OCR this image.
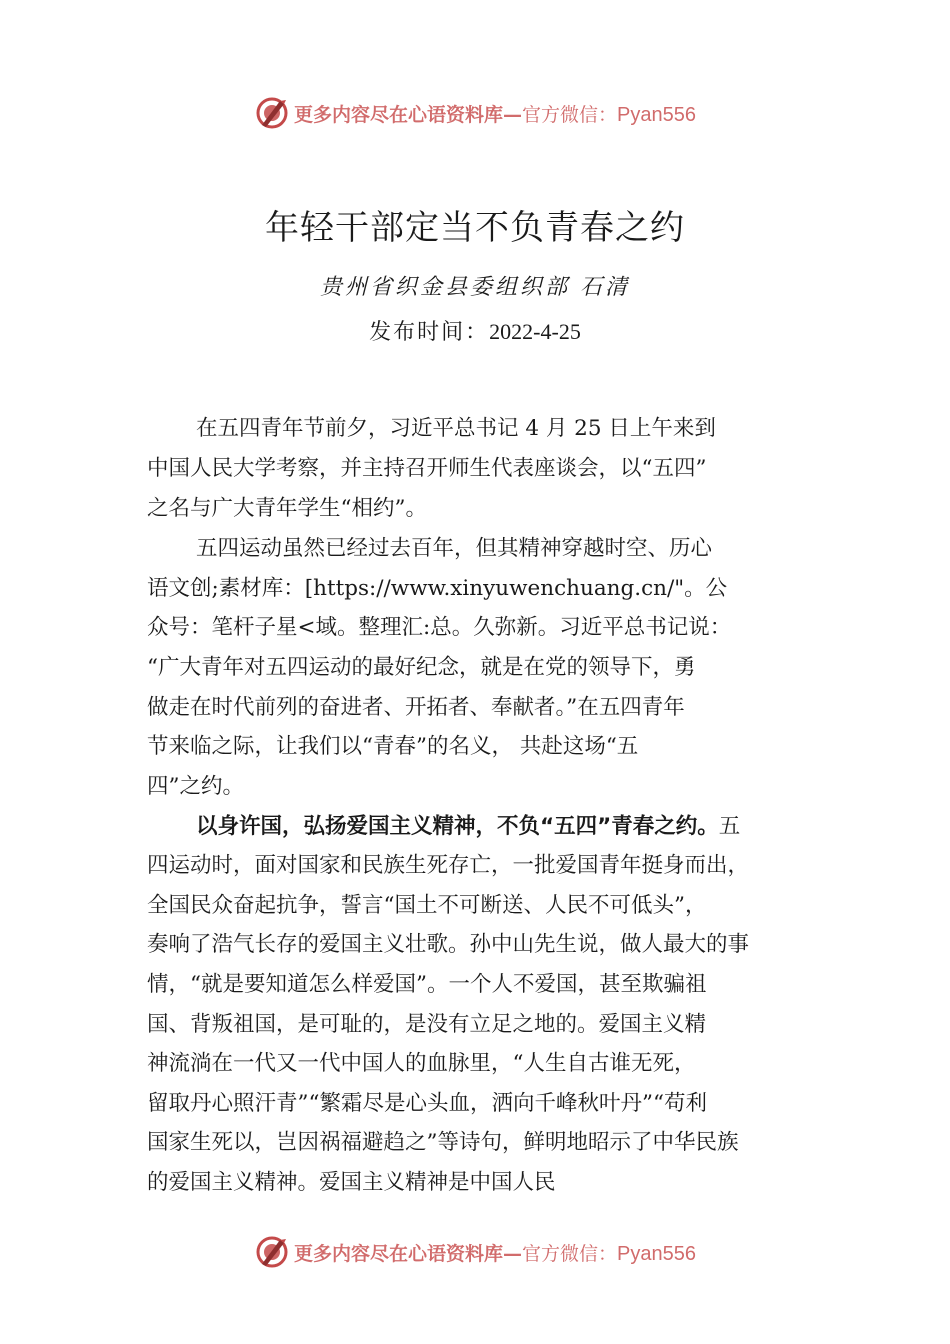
更多内容尽在心语资料库—官方微信：Pyan556
年轻干部定当不负青春之约
贵州省织金县委组织部 石清
发布时间：2022-4-25
在五四青年节前夕，习近平总书记 4 月 25 日上午来到
中国人民大学考察，并主持召开师生代表座谈会，以“五四”
之名与广大青年学生“相约”。
五四运动虽然已经过去百年，但其精神穿越时空、历心
语文创;素材库：[https://www.xinyuwenchuang.cn/"。公
众号：笔杆子星<域。整理汇:总。久弥新。习近平总书记说：
“广大青年对五四运动的最好纪念，就是在党的领导下，勇
做走在时代前列的奋进者、开拓者、奉献者。”在五四青年
节来临之际，让我们以“青春”的名义， 共赴这场“五
四”之约。
以身许国，弘扬爱国主义精神，不负“五四”青春之约。五
四运动时，面对国家和民族生死存亡，一批爱国青年挺身而出，
全国民众奋起抗争，誓言“国土不可断送、人民不可低头”，
奏响了浩气长存的爱国主义壮歌。孙中山先生说，做人最大的事
情，“就是要知道怎么样爱国”。一个人不爱国，甚至欺骗祖
国、背叛祖国，是可耻的，是没有立足之地的。爱国主义精
神流淌在一代又一代中国人的血脉里，“人生自古谁无死，
留取丹心照汗青”“繁霜尽是心头血，洒向千峰秋叶丹”“苟利
国家生死以，岂因祸福避趋之”等诗句，鲜明地昭示了中华民族
的爱国主义精神。爱国主义精神是中国人民
更多内容尽在心语资料库—官方微信：Pyan556
